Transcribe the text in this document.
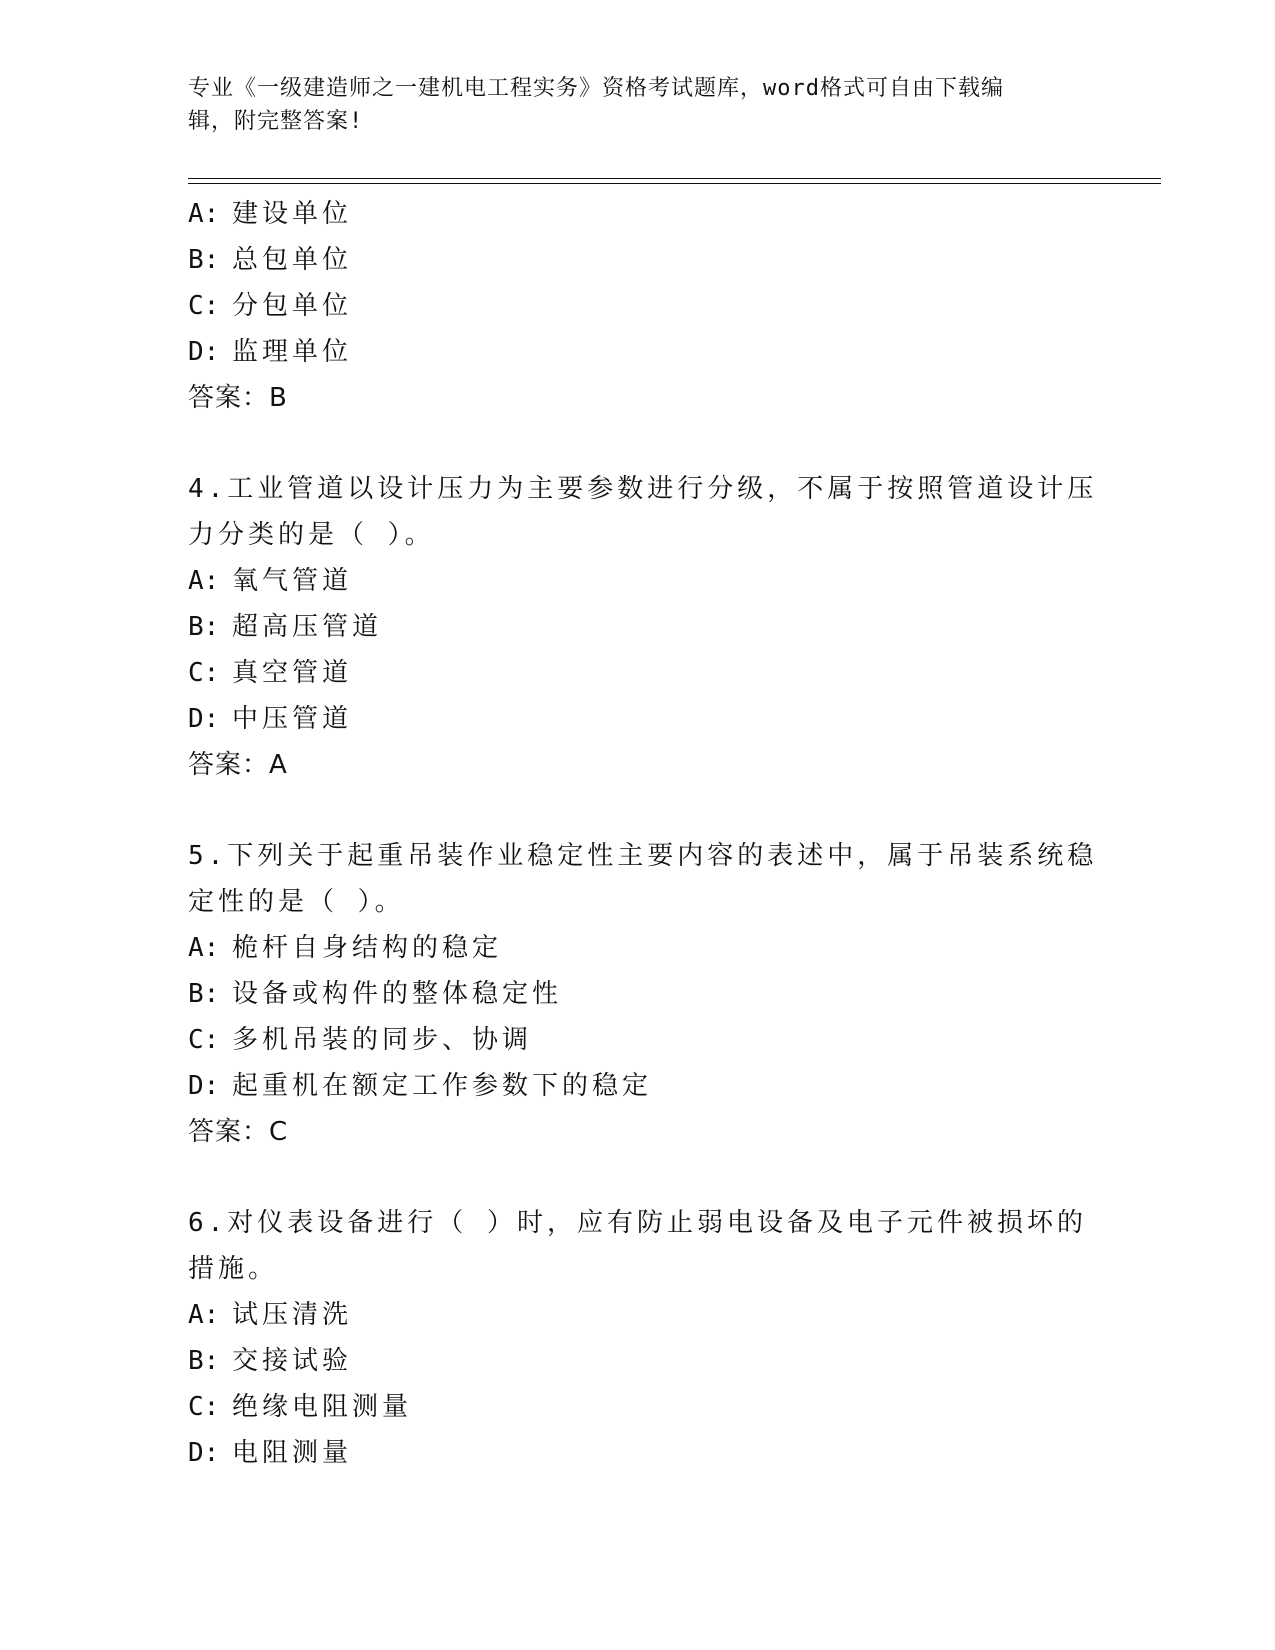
专业《一级建造师之一建机电工程实务》资格考试题库，word格式可自由下载编
辑，附完整答案!
A: 建设单位
B: 总包单位
C: 分包单位
D: 监理单位
答案：B
4.工业管道以设计压力为主要参数进行分级，不属于按照管道设计压
力分类的是（ ）。
A: 氧气管道
B: 超高压管道
C: 真空管道
D: 中压管道
答案：A
5.下列关于起重吊装作业稳定性主要内容的表述中，属于吊装系统稳
定性的是（ ）。
A: 桅杆自身结构的稳定
B: 设备或构件的整体稳定性
C: 多机吊装的同步、协调
D: 起重机在额定工作参数下的稳定
答案：C
6.对仪表设备进行（ ）时，应有防止弱电设备及电子元件被损坏的
措施。
A: 试压清洗
B: 交接试验
C: 绝缘电阻测量
D: 电阻测量
